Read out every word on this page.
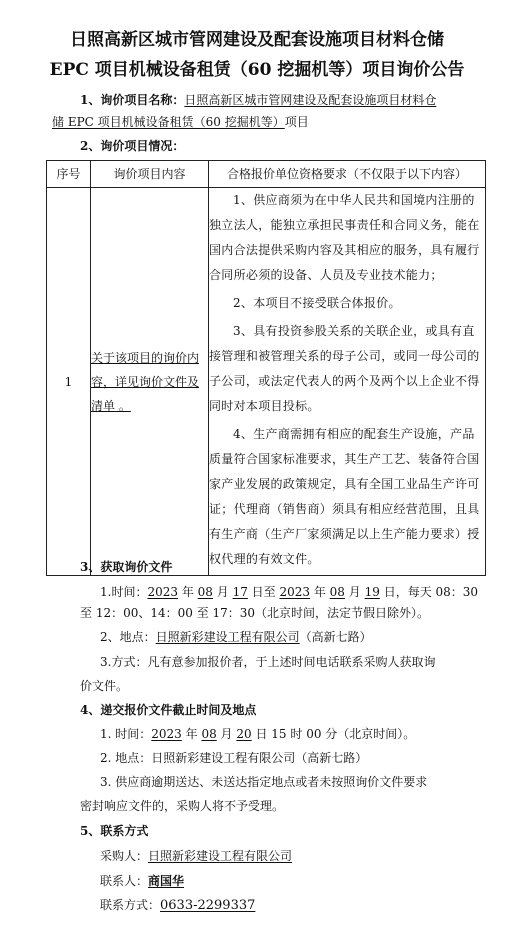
日照高新区城市管网建设及配套设施项目材料仓储
EPC 项目机械设备租赁（60 挖掘机等）项目询价公告
1、询价项目名称：日照高新区城市管网建设及配套设施项目材料仓
储 EPC 项目机械设备租赁（60 挖掘机等）项目
2、询价项目情况：
序号	询价项目内容	合格报价单位资格要求（不仅限于以下内容）
1	关于该项目的询价内容，详见询价文件及清单 。	1、供应商须为在中华人民共和国境内注册的独立法人，能独立承担民事责任和合同义务，能在国内合法提供采购内容及其相应的服务，具有履行合同所必须的设备、人员及专业技术能力；

2、本项目不接受联合体报价。

3、具有投资参股关系的关联企业，或具有直接管理和被管理关系的母子公司，或同一母公司的子公司，或法定代表人的两个及两个以上企业不得同时对本项目投标。

4、生产商需拥有相应的配套生产设施，产品质量符合国家标准要求，其生产工艺、装备符合国家产业发展的政策规定，具有全国工业品生产许可证；代理商（销售商）须具有相应经营范围，且具有生产商（生产厂家须满足以上生产能力要求）授权代理的有效文件。

3、获取询价文件
1.时间：2023 年 08 月 17 日至 2023 年 08 月 19 日，每天 08：30
至 12：00、14：00 至 17：30（北京时间，法定节假日除外）。
2、地点：日照新彩建设工程有限公司（高新七路）
3.方式：凡有意参加报价者，于上述时间电话联系采购人获取询
价文件。
4、递交报价文件截止时间及地点
1. 时间：2023 年 08 月 20 日 15 时 00 分（北京时间）。
2. 地点：日照新彩建设工程有限公司（高新七路）
3. 供应商逾期送达、未送达指定地点或者未按照询价文件要求
密封响应文件的，采购人将不予受理。
5、联系方式
采购人：日照新彩建设工程有限公司
联系人：商国华
联系方式：0633-2299337
